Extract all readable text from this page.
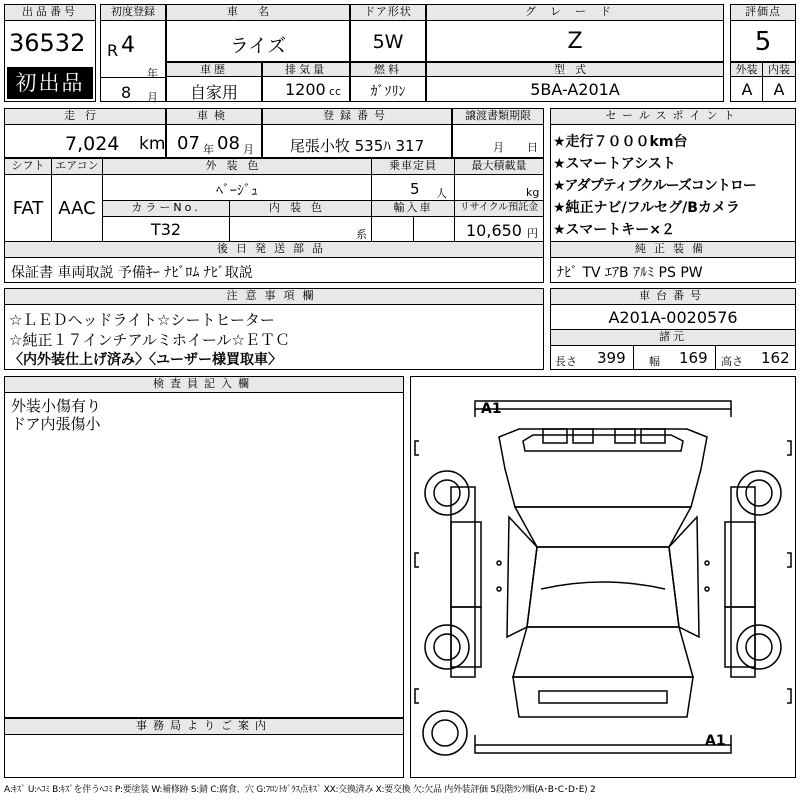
出品番号
36532
初出品
初度登録
R 4
年
8 月
車名
ライズ
ドア形状
5W
グレード
Z
評価点
5
車歴
自家用
排気量
1200 cc
燃料
ｶﾞｿﾘﾝ
型式
5BA-A201A
外装 内装
A	A
走行
7,024 km
車検
07 年 08 月
登録番号
尾張小牧 535ﾊ 317
譲渡書類期限
月 日
シフト エアコン
FAT AAC
外装色
ﾍﾞｰｼﾞｭ
乗車定員
5 人
最大積載量
kg
カラーNo.
T32
内装色
系
輸入車	リサイクル預託金
10,650 円
後日発送部品
保証書 車両取説 予備ｷｰ ﾅﾋﾞﾛﾑ ﾅﾋﾞ取説
セールスポイント
★走行７０００km台
★スマートアシスト
★アダプティブクルーズコントロー
★純正ナビ/フルセグ/Bカメラ
★スマートキー×２
純正装備
ﾅﾋﾞ TV ｴｱB ｱﾙﾐ PS PW
注意事項欄
☆ＬＥＤヘッドライト☆シートヒーター
☆純正１７インチアルミホイール☆ＥＴＣ
〈内外装仕上げ済み〉〈ユーザー様買取車〉
車台番号
A201A-0020576
諸元
長さ 399 幅 169 高さ 162
検査員記入欄
外装小傷有り
ドア内張傷小
事務局よりご案内
A1
A1
A:ｷｽﾞ U:ﾍｺﾐ B:ｷｽﾞを伴うﾍｺﾐ P:要塗装 W:補修跡 S:錆 C:腐食、穴 G:ﾌﾛﾝﾄｶﾞﾗｽ点ｷｽﾞ XX:交換済み X:要交換 欠:欠品 内外装評価 5段階ﾗﾝｸ順(A･B･C･D･E) 2
